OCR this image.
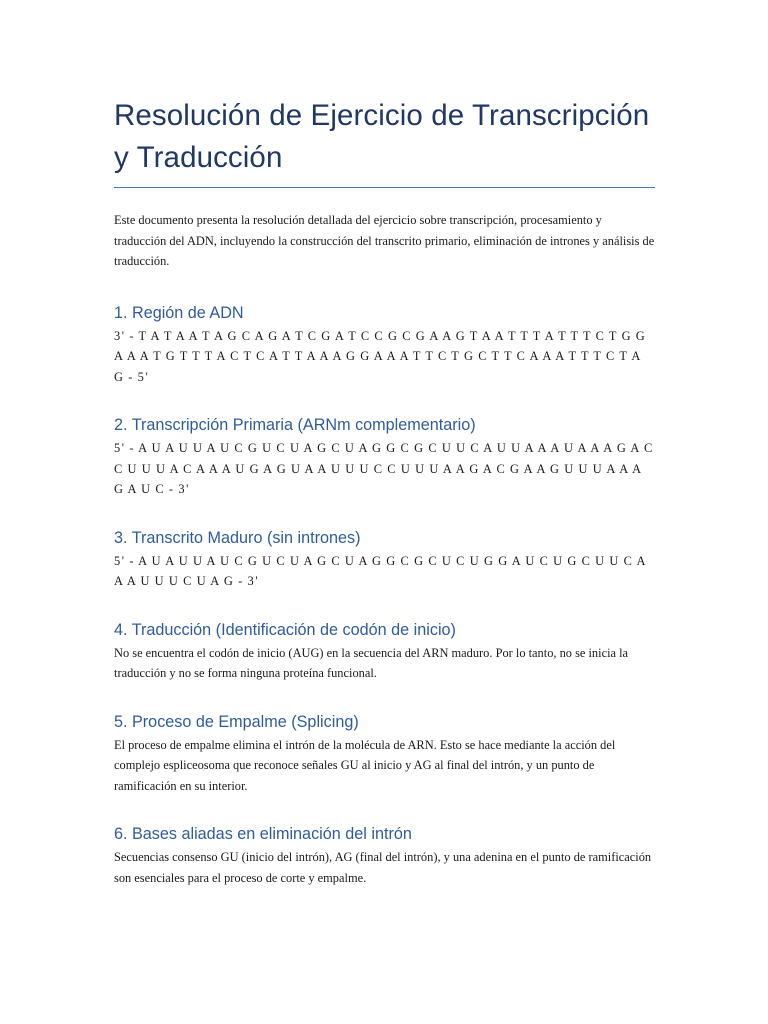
Resolución de Ejercicio de Transcripción y Traducción

Este documento presenta la resolución detallada del ejercicio sobre transcripción, procesamiento y traducción del ADN, incluyendo la construcción del transcrito primario, eliminación de intrones y análisis de traducción.

1. Región de ADN

3' - T A T A A T A G C A G A T C G A T C C G C G A A G T A A T T T A T T T C T G G A A A T G T T T A C T C A T T A A A G G A A A T T C T G C T T C A A A T T T C T A G - 5'

2. Transcripción Primaria (ARNm complementario)

5' - A U A U U A U C G U C U A G C U A G G C G C U U C A U U A A A U A A A G A C C U U U A C A A A U G A G U A A U U U C C U U U A A G A C G A A G U U U A A A G A U C - 3'

3. Transcrito Maduro (sin intrones)

5' - A U A U U A U C G U C U A G C U A G G C G C U C U G G A U C U G C U U C A A A U U U C U A G - 3'

4. Traducción (Identificación de codón de inicio)

No se encuentra el codón de inicio (AUG) en la secuencia del ARN maduro. Por lo tanto, no se inicia la traducción y no se forma ninguna proteína funcional.

5. Proceso de Empalme (Splicing)

El proceso de empalme elimina el intrón de la molécula de ARN. Esto se hace mediante la acción del complejo espliceosoma que reconoce señales GU al inicio y AG al final del intrón, y un punto de ramificación en su interior.

6. Bases aliadas en eliminación del intrón

Secuencias consenso GU (inicio del intrón), AG (final del intrón), y una adenina en el punto de ramificación son esenciales para el proceso de corte y empalme.
